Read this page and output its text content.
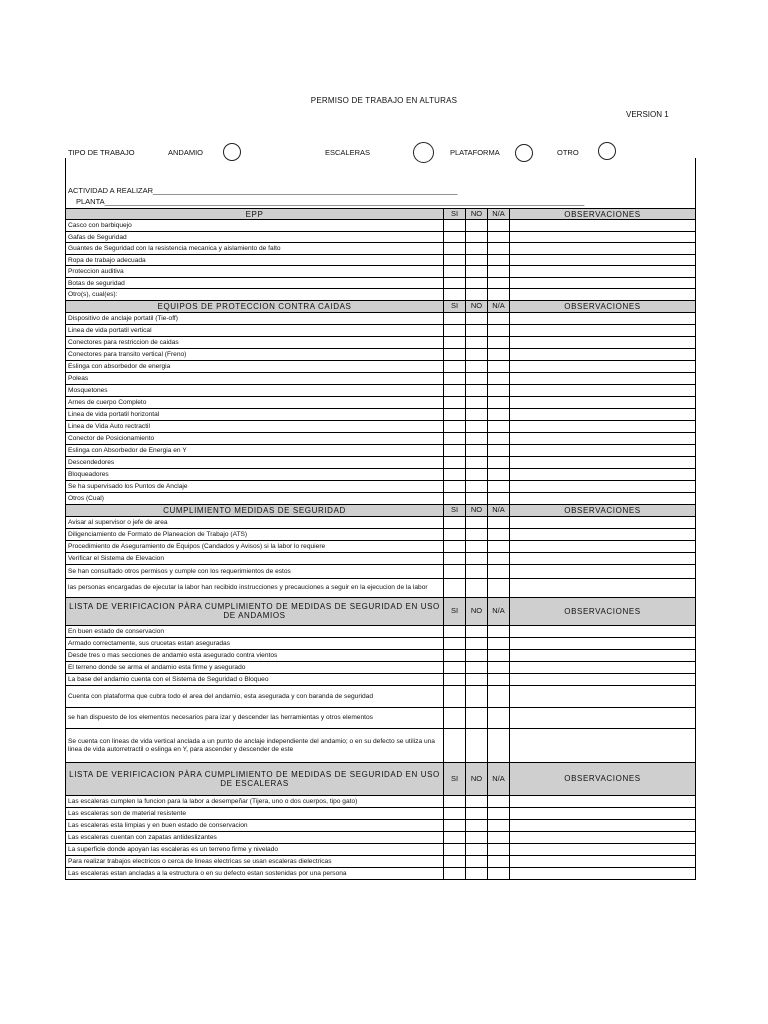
PERMISO DE TRABAJO EN ALTURAS
VERSION 1
TIPO DE TRABAJO	ANDAMIO	ESCALERAS	PLATAFORMA	OTRO
ACTIVIDAD A REALIZAR_________________________________________________________________________
PLANTA___________________________________________________________________________________________________________________
EPP	SI	NO	N/A	OBSERVACIONES
Casco con barbiquejo
Gafas de Seguridad
Guantes de Seguridad con la resistencia mecanica y aislamiento de falto
Ropa de trabajo adecuada
Proteccion auditiva
Botas de seguridad
Otro(s), cual(es):
EQUIPOS DE PROTECCION CONTRA CAIDAS	SI	NO	N/A	OBSERVACIONES
Dispositivo de anclaje portatil (Tie-off)
Linea de vida portatil vertical
Conectores para restriccion de caidas
Conectores para transito vertical (Freno)
Eslinga con absorbedor de energia
Poleas
Mosquetones
Arnes de cuerpo Completo
Linea de vida portatil horizontal
Linea de Vida Auto rectractil
Conector de Posicionamiento
Eslinga con Absorbedor de Energia en Y
Descendedores
Bloqueadores
Se ha supervisado los Puntos de Anclaje
Otros (Cual)
CUMPLIMIENTO MEDIDAS DE SEGURIDAD	SI	NO	N/A	OBSERVACIONES
Avisar al supervisor o jefe de area
Diligenciamiento de Formato de Planeacion de Trabajo (ATS)
Procedimiento de Aseguramiento de Equipos (Candados y Avisos) si la labor lo requiere
Verificar el Sistema de Elevacion
Se han consultado otros permisos y cumple con los requerimientos de estos
las personas encargadas de ejecutar la labor han recibido instrucciones y precauciones a seguir en la ejecucion de la labor
LISTA DE VERIFICACION PÀRA CUMPLIMIENTO DE MEDIDAS DE SEGURIDAD EN USO DE ANDAMIOS
SI	NO	N/A	OBSERVACIONES
En buen estado de conservacion
Armado correctamente, sus crucetas estan aseguradas
Desde tres o mas secciones de andamio esta asegurado contra vientos
El terreno donde se arma el andamio esta firme y asegurado
La base del andamio cuenta con el Sistema de Seguridad o Bloqueo
Cuenta con plataforma que cubra todo el area del andamio, esta asegurada y con baranda de seguridad
se han dispuesto de los elementos necesarios para izar y descender las herramientas y otros elementos
Se cuenta con lineas de vida vertical anclada a un punto de anclaje independiente del andamio; o en su defecto se utiliza una linea de vida autorretractil o eslinga en Y, para ascender y descender de este
LISTA DE VERIFICACION PÀRA CUMPLIMIENTO DE MEDIDAS DE SEGURIDAD EN USO DE ESCALERAS
SI	NO	N/A	OBSERVACIONES
Las escaleras cumplen la funcion para la labor a desempeñar (Tijera, uno o dos cuerpos, tipo gato)
Las escaleras son de material resistente
Las escaleras esta limpias y en buen estado de conservacion
Las escaleras cuentan con zapatas antideslizantes
La superficie donde apoyan las escaleras es un terreno firme y nivelado
Para realizar trabajos electricos o cerca de lineas electricas se usan escaleras dielectricas
Las escaleras estan ancladas a la estructura o en su defecto estan sostenidas por una persona
